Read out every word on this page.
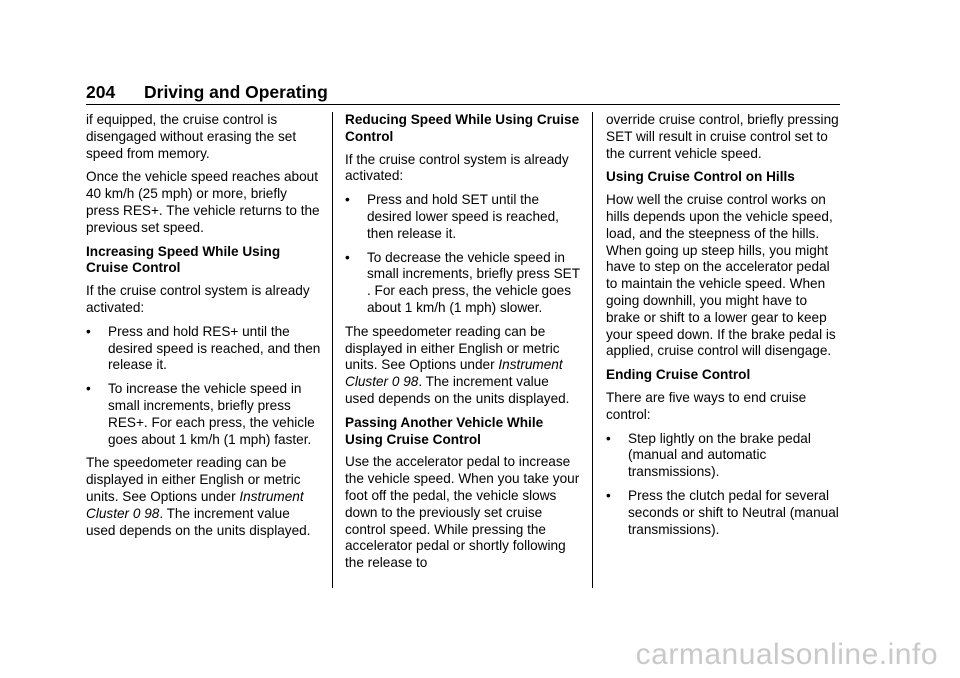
204 Driving and Operating

if equipped, the cruise control is disengaged without erasing the set speed from memory.

Once the vehicle speed reaches about 40 km/h (25 mph) or more, briefly press RES+. The vehicle returns to the previous set speed.

Increasing Speed While Using Cruise Control

If the cruise control system is already activated:

• Press and hold RES+ until the desired speed is reached, and then release it.
• To increase the vehicle speed in small increments, briefly press RES+. For each press, the vehicle goes about 1 km/h (1 mph) faster.

The speedometer reading can be displayed in either English or metric units. See Options under Instrument Cluster 0 98. The increment value used depends on the units displayed.

Reducing Speed While Using Cruise Control

If the cruise control system is already activated:

• Press and hold SET until the desired lower speed is reached, then release it.
• To decrease the vehicle speed in small increments, briefly press SET . For each press, the vehicle goes about 1 km/h (1 mph) slower.

The speedometer reading can be displayed in either English or metric units. See Options under Instrument Cluster 0 98. The increment value used depends on the units displayed.

Passing Another Vehicle While Using Cruise Control

Use the accelerator pedal to increase the vehicle speed. When you take your foot off the pedal, the vehicle slows down to the previously set cruise control speed. While pressing the accelerator pedal or shortly following the release to

override cruise control, briefly pressing SET will result in cruise control set to the current vehicle speed.

Using Cruise Control on Hills

How well the cruise control works on hills depends upon the vehicle speed, load, and the steepness of the hills. When going up steep hills, you might have to step on the accelerator pedal to maintain the vehicle speed. When going downhill, you might have to brake or shift to a lower gear to keep your speed down. If the brake pedal is applied, cruise control will disengage.

Ending Cruise Control

There are five ways to end cruise control:

• Step lightly on the brake pedal (manual and automatic transmissions).
• Press the clutch pedal for several seconds or shift to Neutral (manual transmissions).
carmanualsonline.info
